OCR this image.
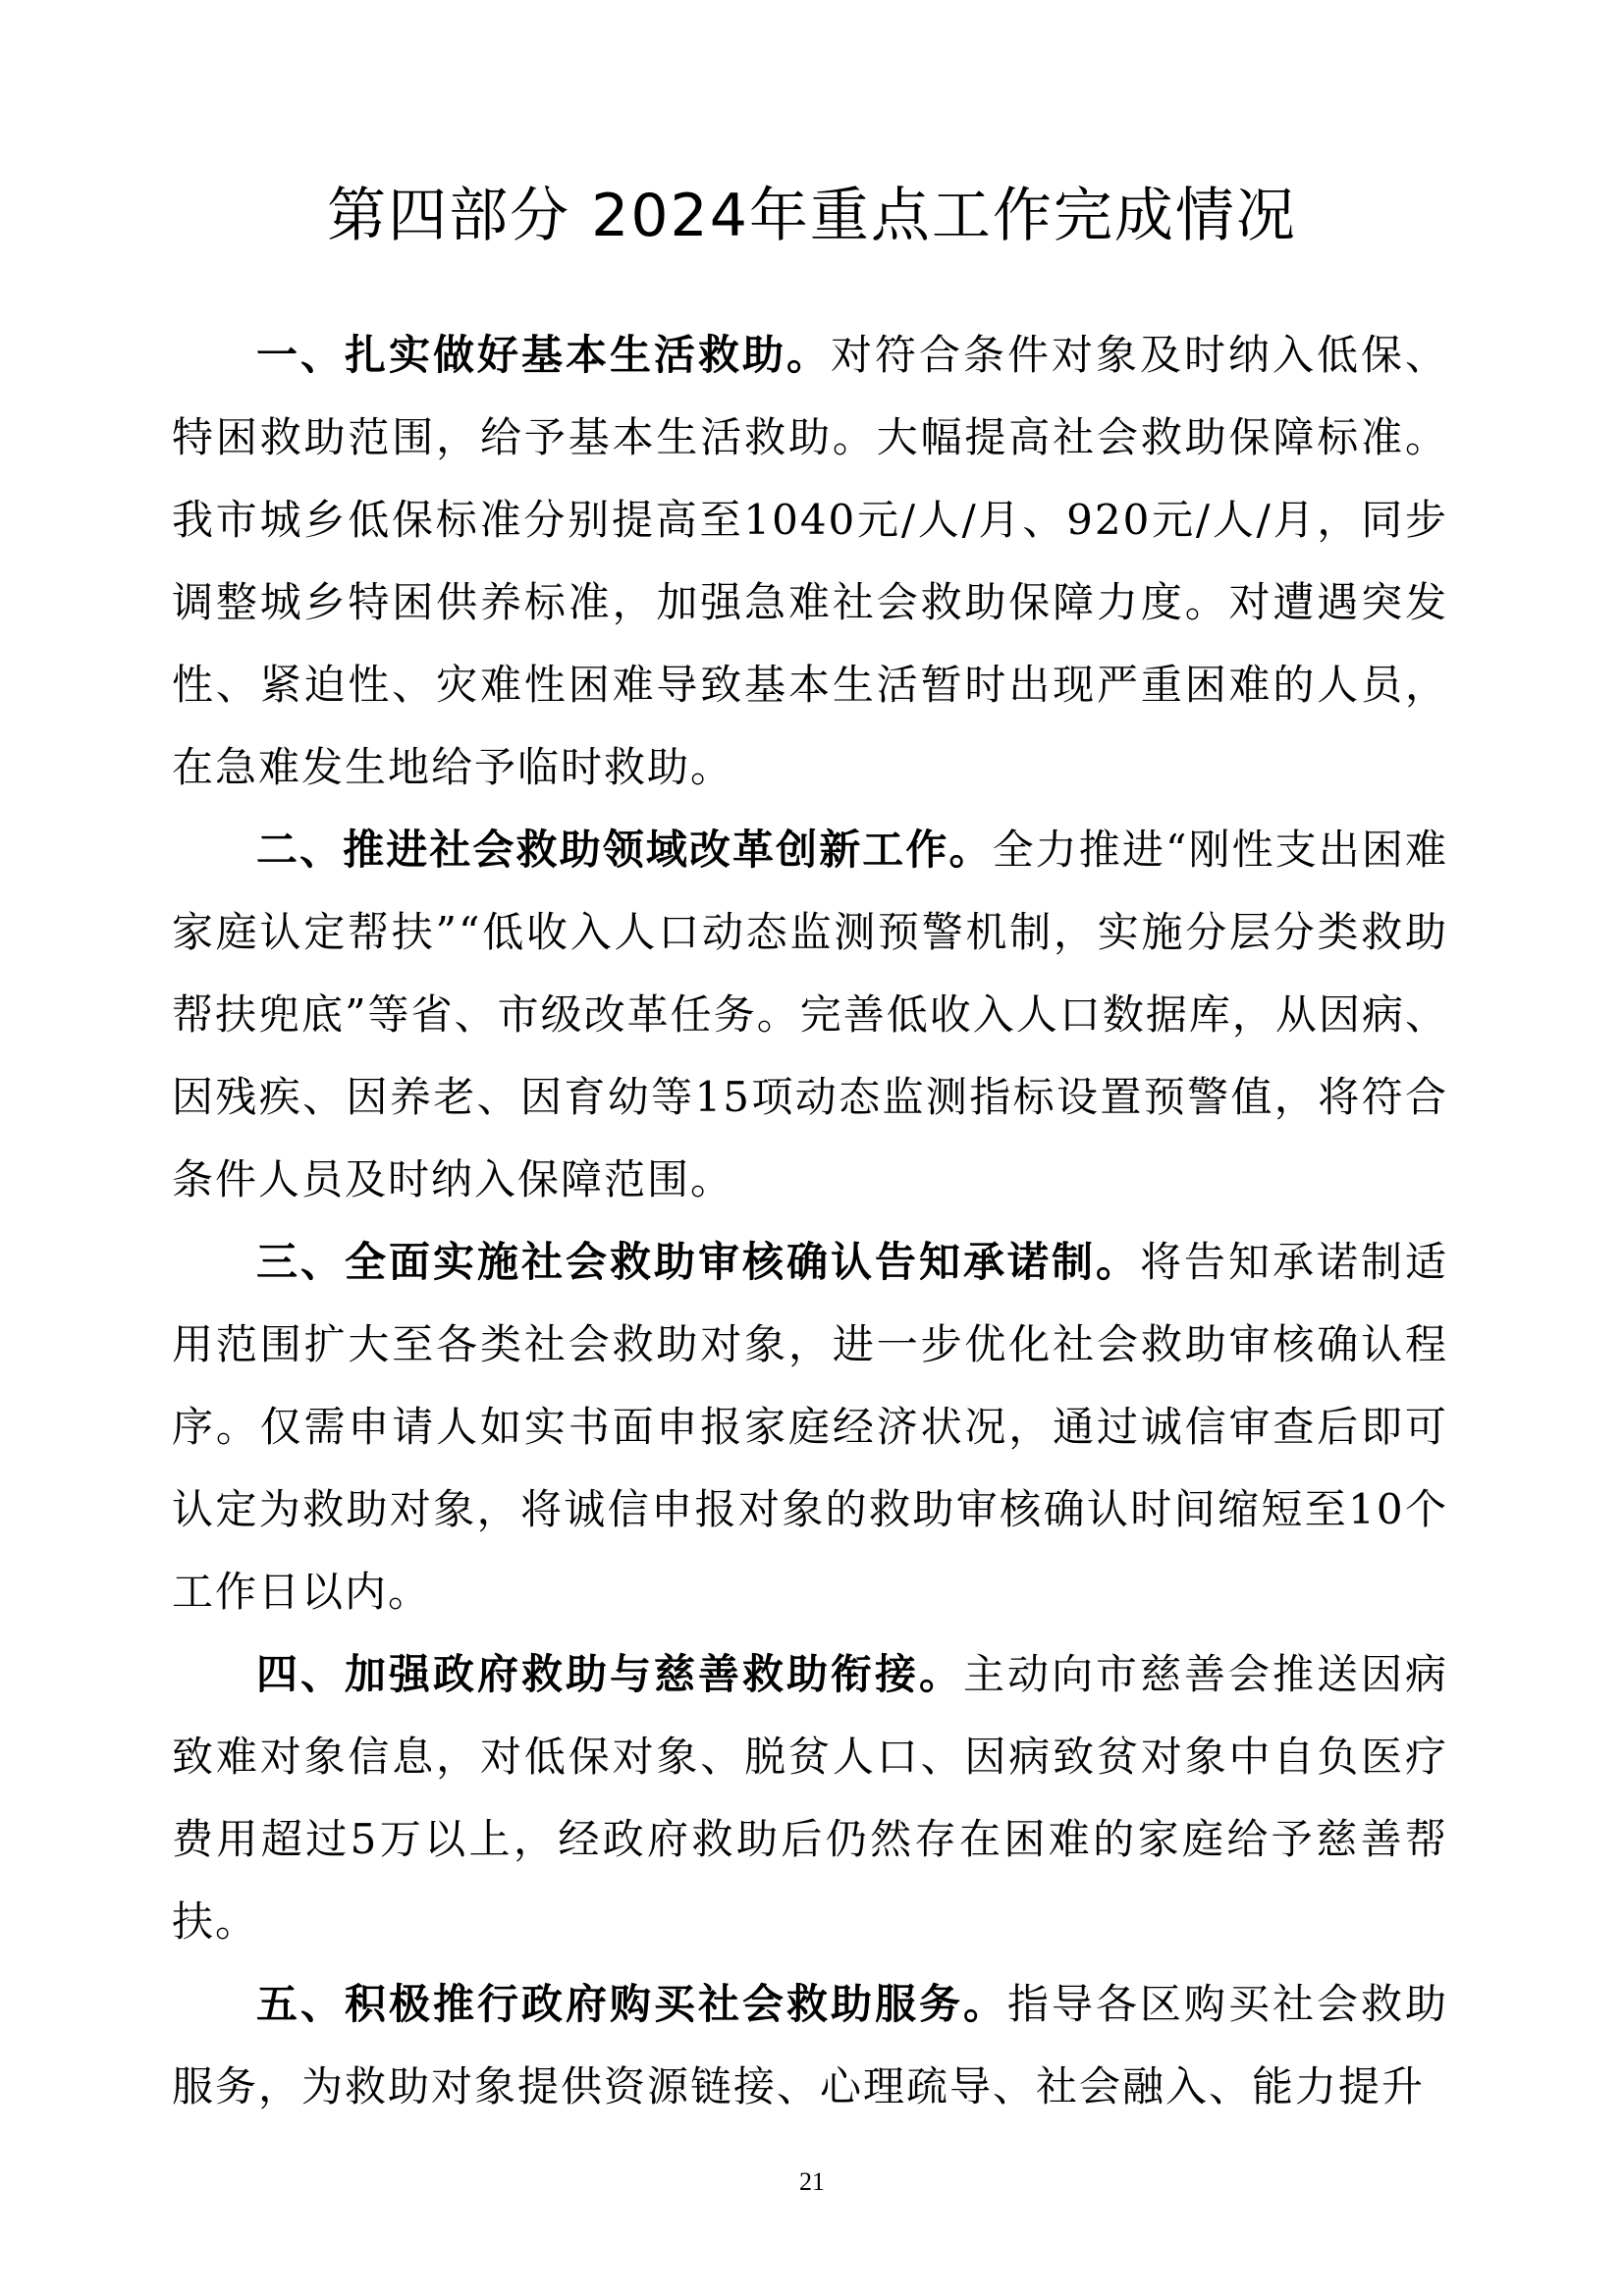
第四部分 2024年重点工作完成情况

一、扎实做好基本生活救助。对符合条件对象及时纳入低保、特困救助范围，给予基本生活救助。大幅提高社会救助保障标准。我市城乡低保标准分别提高至1040元/人/月、920元/人/月，同步调整城乡特困供养标准，加强急难社会救助保障力度。对遭遇突发性、紧迫性、灾难性困难导致基本生活暂时出现严重困难的人员，在急难发生地给予临时救助。

二、推进社会救助领域改革创新工作。全力推进“刚性支出困难家庭认定帮扶”“低收入人口动态监测预警机制，实施分层分类救助帮扶兜底”等省、市级改革任务。完善低收入人口数据库，从因病、因残疾、因养老、因育幼等15项动态监测指标设置预警值，将符合条件人员及时纳入保障范围。

三、全面实施社会救助审核确认告知承诺制。将告知承诺制适用范围扩大至各类社会救助对象，进一步优化社会救助审核确认程序。仅需申请人如实书面申报家庭经济状况，通过诚信审查后即可认定为救助对象，将诚信申报对象的救助审核确认时间缩短至10个工作日以内。

四、加强政府救助与慈善救助衔接。主动向市慈善会推送因病致难对象信息，对低保对象、脱贫人口、因病致贫对象中自负医疗费用超过5万以上，经政府救助后仍然存在困难的家庭给予慈善帮扶。

五、积极推行政府购买社会救助服务。指导各区购买社会救助服务，为救助对象提供资源链接、心理疏导、社会融入、能力提升

21
